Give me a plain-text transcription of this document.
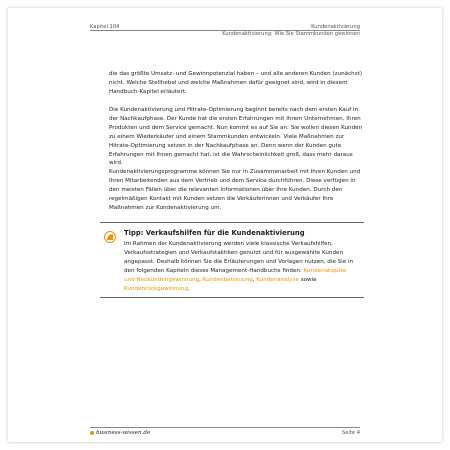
Kapitel 104	Kundenaktivierung
Kundenaktivierung: Wie Sie Stammkunden gewinnen

die das größte Umsatz- und Gewinnpotenzial haben – und alle anderen Kunden (zunächst) nicht. Welche Stellhebel und welche Maßnahmen dafür geeignet sind, wird in diesem Handbuch-Kapitel erläutert.

Die Kundenaktivierung und Hitrate-Optimierung beginnt bereits nach dem ersten Kauf in der Nachkaufphase. Der Kunde hat die ersten Erfahrungen mit Ihrem Unternehmen, Ihren Produkten und dem Service gemacht. Nun kommt es auf Sie an: Sie wollen diesen Kunden zu einem Wiederkäufer und einem Stammkunden entwickeln. Viele Maßnahmen zur Hitrate-Optimierung setzen in der Nachkaufphase an. Denn wenn der Kunden gute Erfahrungen mit Ihnen gemacht hat, ist die Wahrscheinlichkeit groß, dass mehr daraus wird.

Kundenaktivierungsprogramme können Sie nur in Zusammenarbeit mit Ihren Kunden und Ihren Mitarbeitenden aus dem Vertrieb und dem Service durchführen. Diese verfügen in den meisten Fällen über die relevanten Informationen über Ihre Kunden. Durch den regelmäßigen Kontakt mit Kunden setzen die Verkäuferinnen und Verkäufer Ihre Maßnahmen zur Kundenaktivierung um.

Tipp: Verkaufshilfen für die Kundenaktivierung
Im Rahmen der Kundenaktivierung werden viele klassische Verkaufshilfen, Verkaufsstrategien und Verkaufstaktiken genutzt und für ausgewählte Kunden angepasst. Deshalb können Sie die Erläuterungen und Vorlagen nutzen, die Sie in den folgenden Kapiteln dieses Management-Handbuchs finden: Kundenakquise und Neukundengewinnung, Kundenbetreuung, Kundenanalyse sowie Kundenrückgewinnung.
business-wissen.de	Seite 4
